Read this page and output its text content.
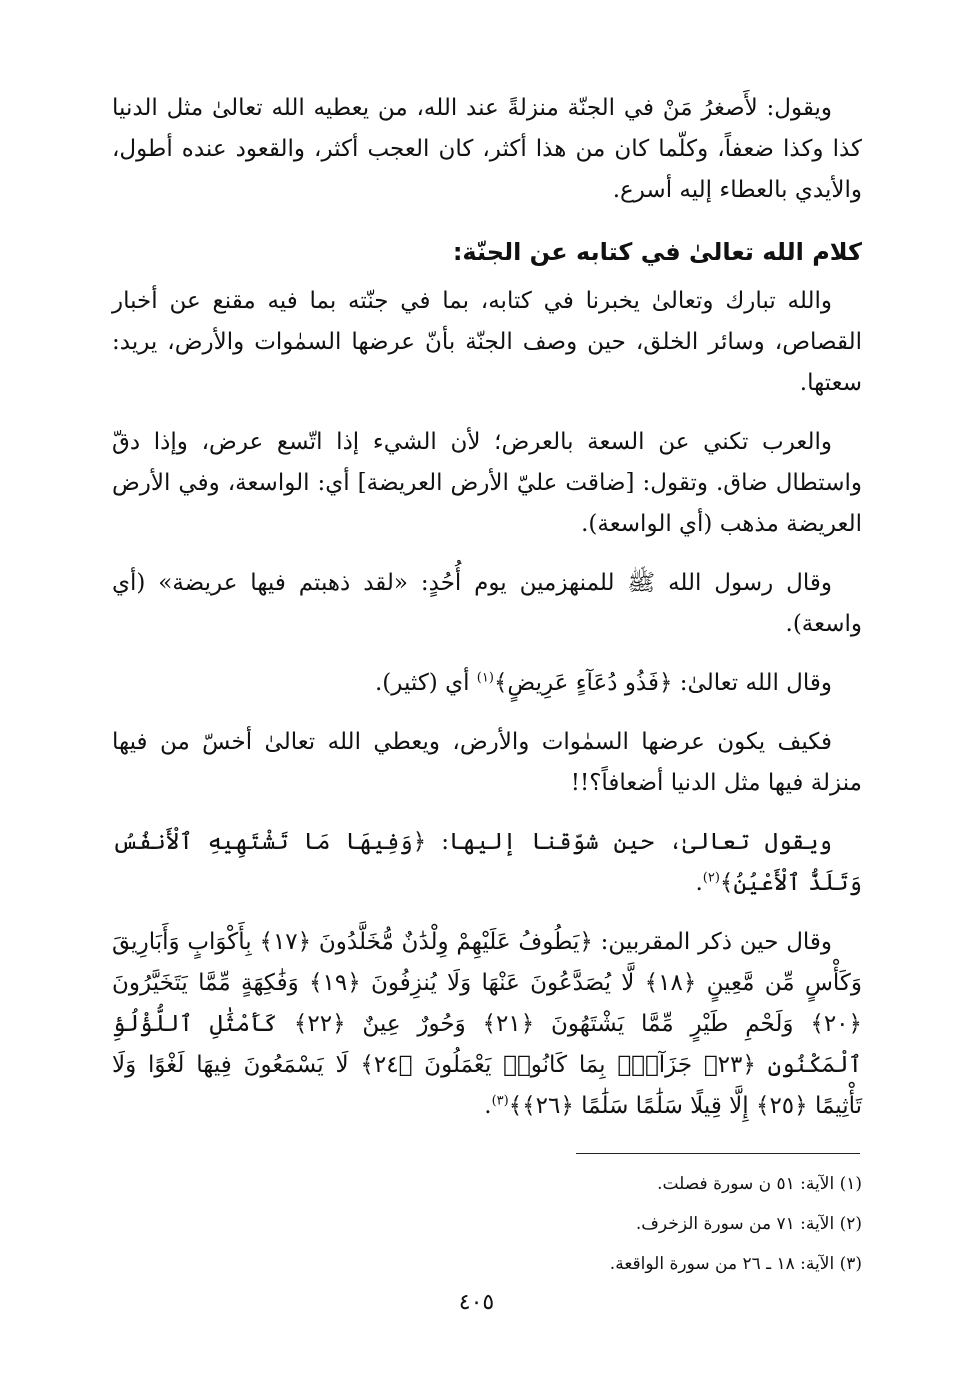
ويقول: لأَصغرُ مَنْ في الجنّة منزلةً عند الله، من يعطيه الله تعالىٰ مثل الدنيا كذا وكذا ضعفاً، وكلّما كان من هذا أكثر، كان العجب أكثر، والقعود عنده أطول، والأيدي بالعطاء إليه أسرع.

كلام الله تعالىٰ في كتابه عن الجنّة:

والله تبارك وتعالىٰ يخبرنا في كتابه، بما في جنّته بما فيه مقنع عن أخبار القصاص، وسائر الخلق، حين وصف الجنّة بأنّ عرضها السمٰوات والأرض، يريد: سعتها.

والعرب تكني عن السعة بالعرض؛ لأن الشيء إذا اتّسع عرض، وإذا دقّ واستطال ضاق. وتقول: [ضاقت عليّ الأرض العريضة] أي: الواسعة، وفي الأرض العريضة مذهب (أي الواسعة).

وقال رسول الله ﷺ للمنهزمين يوم أُحُدٍ: «لقد ذهبتم فيها عريضة» (أي واسعة).

وقال الله تعالىٰ: ﴿فَذُو دُعَآءٍ عَرِيضٍ﴾$^{(١)}$ أي (كثير).

فكيف يكون عرضها السمٰوات والأرض، ويعطي الله تعالىٰ أخسّ من فيها منزلة فيها مثل الدنيا أضعافاً؟!!

ويقول تعالىٰ، حين شوّقنا إليها: ﴿وَفِيهَا مَا تَشْتَهِيهِ ٱلْأَنفُسُ وَتَلَذُّ ٱلْأَعْيُنُ﴾$^{(٢)}$.

وقال حين ذكر المقربين: ﴿يَطُوفُ عَلَيْهِمْ وِلْدَٰنٌ مُّخَلَّدُونَ ﴿١٧﴾ بِأَكْوَابٍ وَأَبَارِيقَ وَكَأْسٍ مِّن مَّعِينٍ ﴿١٨﴾ لَّا يُصَدَّعُونَ عَنْهَا وَلَا يُنزِفُونَ ﴿١٩﴾ وَفَٰكِهَةٍ مِّمَّا يَتَخَيَّرُونَ ﴿٢٠﴾ وَلَحْمِ طَيْرٍ مِّمَّا يَشْتَهُونَ ﴿٢١﴾ وَحُورٌ عِينٌ ﴿٢٢﴾ كَأَمْثَٰلِ ٱللُّؤْلُؤِ ٱلْمَكْنُونِ ﴿٢٣﴾ جَزَآءًۢ بِمَا كَانُوا۟ يَعْمَلُونَ ﴿٢٤﴾ لَا يَسْمَعُونَ فِيهَا لَغْوًا وَلَا تَأْثِيمًا ﴿٢٥﴾ إِلَّا قِيلًا سَلَٰمًا سَلَٰمًا ﴿٢٦﴾﴾$^{(٣)}$.

(١) الآية: ٥١ ن سورة فصلت.
(٢) الآية: ٧١ من سورة الزخرف.
(٣) الآية: ١٨ ـ ٢٦ من سورة الواقعة.
٤٠٥
